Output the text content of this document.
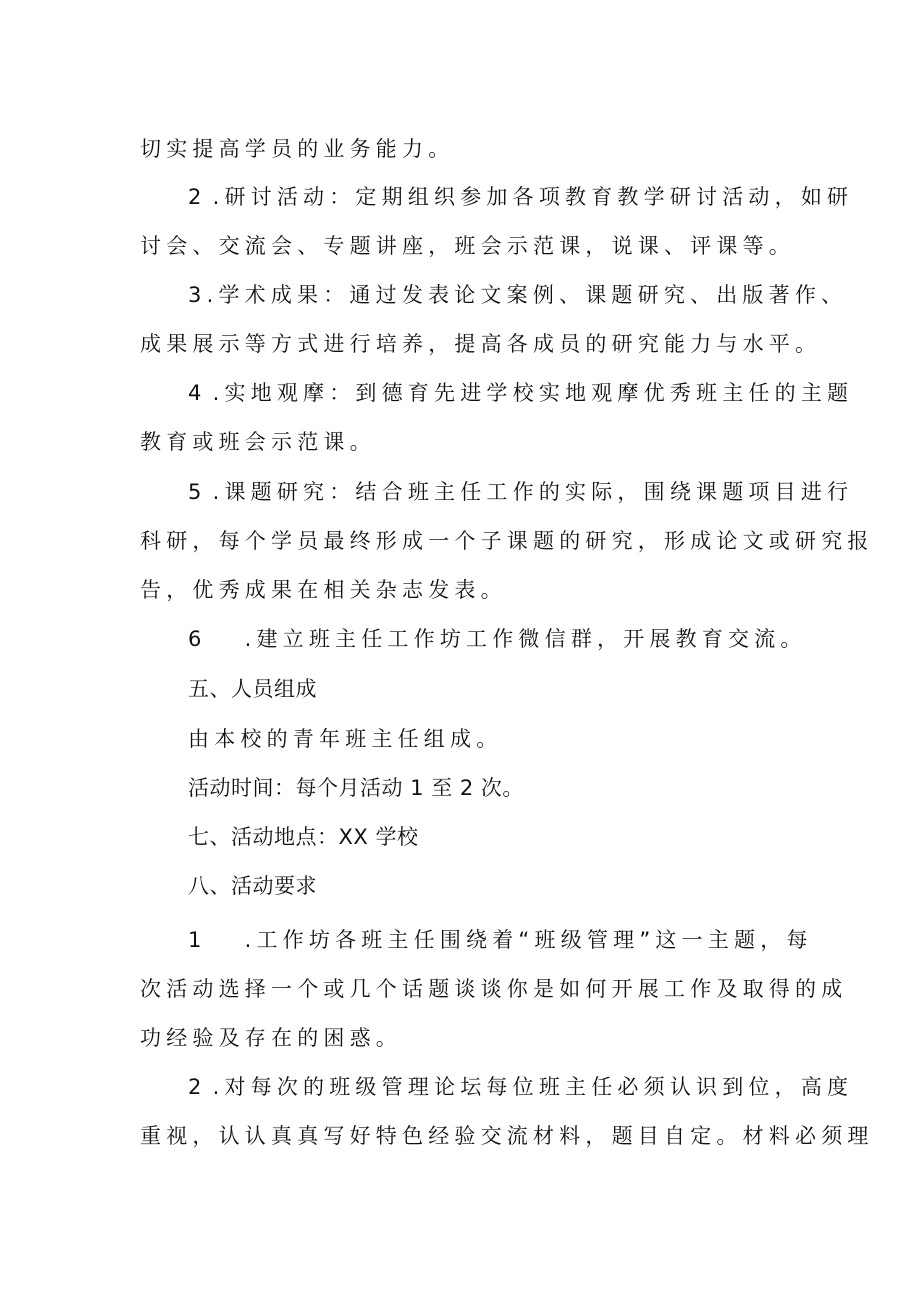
切实提高学员的业务能力。
2 .研讨活动：定期组织参加各项教育教学研讨活动，如研
讨会、交流会、专题讲座，班会示范课，说课、评课等。
3.学术成果：通过发表论文案例、课题研究、出版著作、
成果展示等方式进行培养，提高各成员的研究能力与水平。
4 .实地观摩：到德育先进学校实地观摩优秀班主任的主题
教育或班会示范课。
5 .课题研究：结合班主任工作的实际，围绕课题项目进行
科研，每个学员最终形成一个子课题的研究，形成论文或研究报
告，优秀成果在相关杂志发表。
6 .建立班主任工作坊工作微信群，开展教育交流。
五、人员组成
由本校的青年班主任组成。
活动时间：每个月活动 1 至 2 次。
七、活动地点：XX 学校
八、活动要求
1 .工作坊各班主任围绕着“班级管理”这一主题，每
次活动选择一个或几个话题谈谈你是如何开展工作及取得的成
功经验及存在的困惑。
2 .对每次的班级管理论坛每位班主任必须认识到位，高度
重视，认认真真写好特色经验交流材料，题目自定。材料必须理
